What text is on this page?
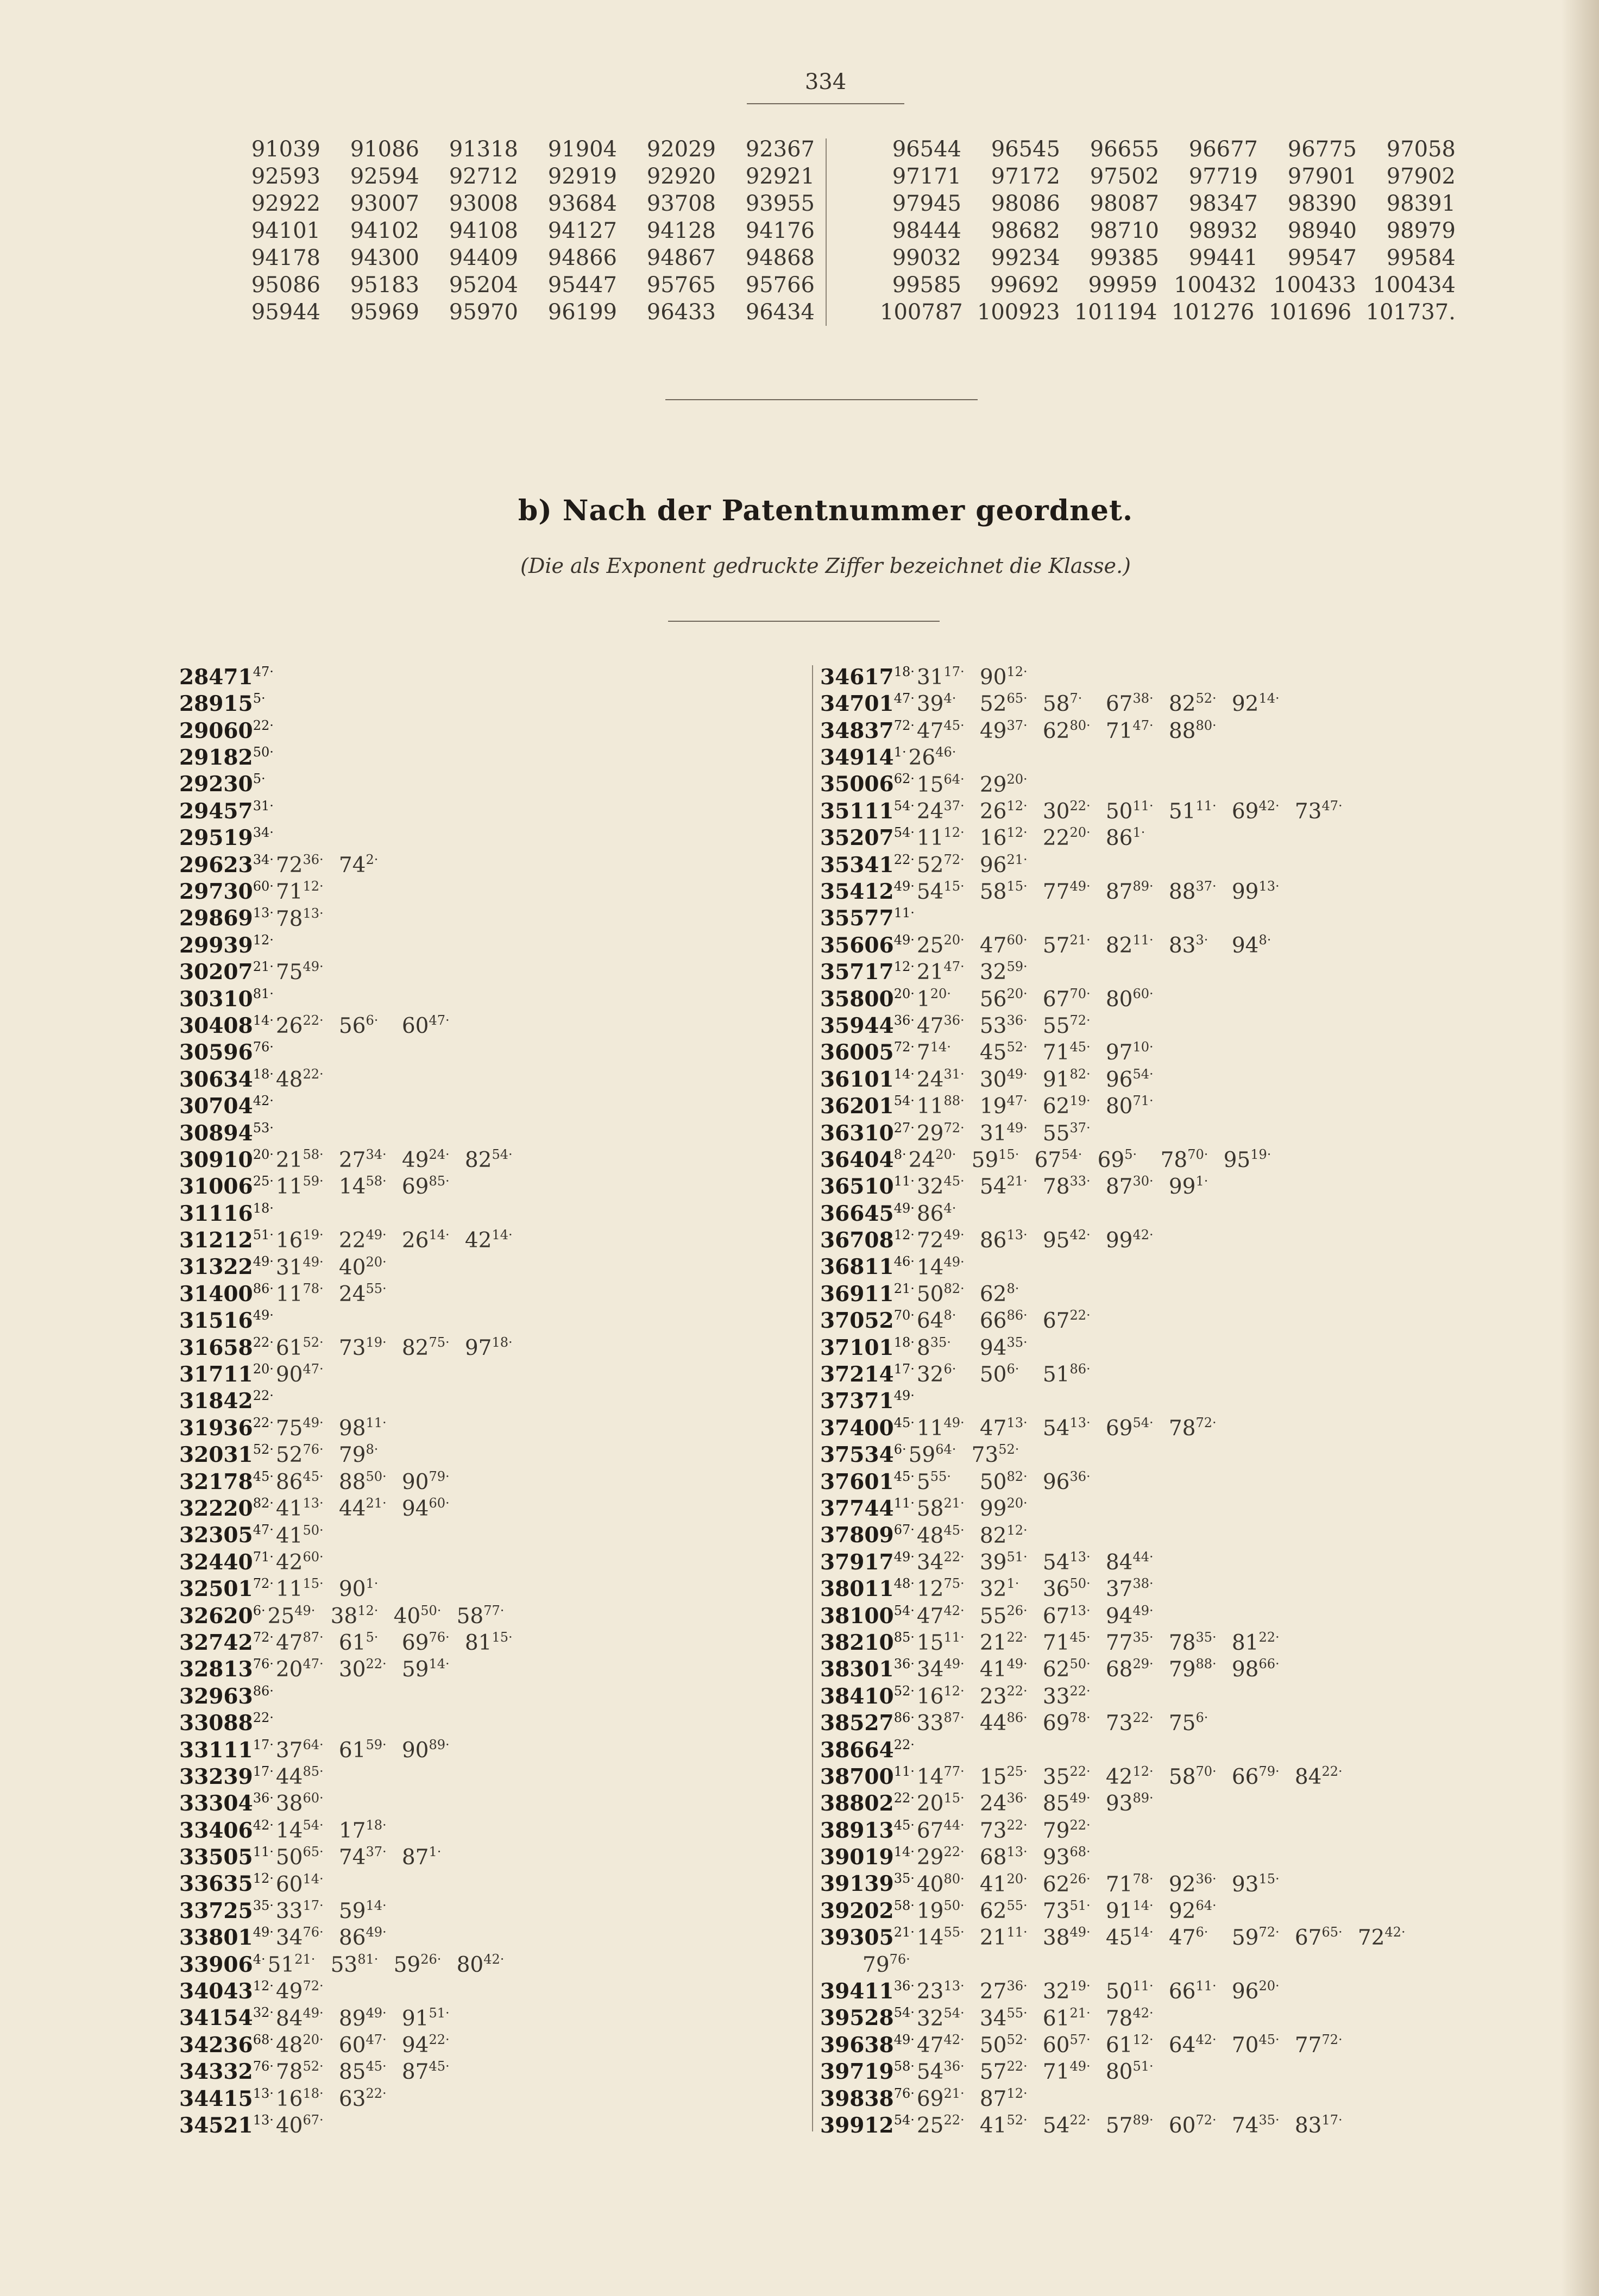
334
91039	91086	91318	91904	92029	92367
92593	92594	92712	92919	92920	92921
92922	93007	93008	93684	93708	93955
94101	94102	94108	94127	94128	94176
94178	94300	94409	94866	94867	94868
95086	95183	95204	95447	95765	95766
95944	95969	95970	96199	96433	96434
96544	96545	96655	96677	96775	97058
97171	97172	97502	97719	97901	97902
97945	98086	98087	98347	98390	98391
98444	98682	98710	98932	98940	98979
99032	99234	99385	99441	99547	99584
99585	99692	99959 100432 100433 100434
100787 100923 101194 101276 101696 101737.
b) Nach der Patentnummer geordnet.
(Die als Exponent gedruckte Ziffer bezeichnet die Klasse.)
$28471^{47\cdot}$
$28915^{5\cdot}$
$29060^{22\cdot}$
$29182^{50\cdot}$
$29230^{5\cdot}$
$29457^{31\cdot}$
$29519^{34\cdot}$
$29623^{34\cdot}$ $72^{36\cdot}$ $74^{2\cdot}$
$29730^{60\cdot}$ $71^{12\cdot}$
$29869^{13\cdot}$ $78^{13\cdot}$
$29939^{12\cdot}$
$30207^{21\cdot}$ $75^{49\cdot}$
$30310^{81\cdot}$
$30408^{14\cdot}$ $26^{22\cdot}$ $56^{6\cdot}$ $60^{47\cdot}$
$30596^{76\cdot}$
$30634^{18\cdot}$ $48^{22\cdot}$
$30704^{42\cdot}$
$30894^{53\cdot}$
$30910^{20\cdot}$ $21^{58\cdot}$ $27^{34\cdot}$ $49^{24\cdot}$ $82^{54\cdot}$
$31006^{25\cdot}$ $11^{59\cdot}$ $14^{58\cdot}$ $69^{85\cdot}$
$31116^{18\cdot}$
$31212^{51\cdot}$ $16^{19\cdot}$ $22^{49\cdot}$ $26^{14\cdot}$ $42^{14\cdot}$
$31322^{49\cdot}$ $31^{49\cdot}$ $40^{20\cdot}$
$31400^{86\cdot}$ $11^{78\cdot}$ $24^{55\cdot}$
$31516^{49\cdot}$
$31658^{22\cdot}$ $61^{52\cdot}$ $73^{19\cdot}$ $82^{75\cdot}$ $97^{18\cdot}$
$31711^{20\cdot}$ $90^{47\cdot}$
$31842^{22\cdot}$
$31936^{22\cdot}$ $75^{49\cdot}$ $98^{11\cdot}$
$32031^{52\cdot}$ $52^{76\cdot}$ $79^{8\cdot}$
$32178^{45\cdot}$ $86^{45\cdot}$ $88^{50\cdot}$ $90^{79\cdot}$
$32220^{82\cdot}$ $41^{13\cdot}$ $44^{21\cdot}$ $94^{60\cdot}$
$32305^{47\cdot}$ $41^{50\cdot}$
$32440^{71\cdot}$ $42^{60\cdot}$
$32501^{72\cdot}$ $11^{15\cdot}$ $90^{1\cdot}$
$32620^{6\cdot}$ $25^{49\cdot}$ $38^{12\cdot}$ $40^{50\cdot}$ $58^{77\cdot}$
$32742^{72\cdot}$ $47^{87\cdot}$ $61^{5\cdot}$ $69^{76\cdot}$ $81^{15\cdot}$
$32813^{76\cdot}$ $20^{47\cdot}$ $30^{22\cdot}$ $59^{14\cdot}$
$32963^{86\cdot}$
$33088^{22\cdot}$
$33111^{17\cdot}$ $37^{64\cdot}$ $61^{59\cdot}$ $90^{89\cdot}$
$33239^{17\cdot}$ $44^{85\cdot}$
$33304^{36\cdot}$ $38^{60\cdot}$
$33406^{42\cdot}$ $14^{54\cdot}$ $17^{18\cdot}$
$33505^{11\cdot}$ $50^{65\cdot}$ $74^{37\cdot}$ $87^{1\cdot}$
$33635^{12\cdot}$ $60^{14\cdot}$
$33725^{35\cdot}$ $33^{17\cdot}$ $59^{14\cdot}$
$33801^{49\cdot}$ $34^{76\cdot}$ $86^{49\cdot}$
$33906^{4\cdot}$ $51^{21\cdot}$ $53^{81\cdot}$ $59^{26\cdot}$ $80^{42\cdot}$
$34043^{12\cdot}$ $49^{72\cdot}$
$34154^{32\cdot}$ $84^{49\cdot}$ $89^{49\cdot}$ $91^{51\cdot}$
$34236^{68\cdot}$ $48^{20\cdot}$ $60^{47\cdot}$ $94^{22\cdot}$
$34332^{76\cdot}$ $78^{52\cdot}$ $85^{45\cdot}$ $87^{45\cdot}$
$34415^{13\cdot}$ $16^{18\cdot}$ $63^{22\cdot}$
$34521^{13\cdot}$ $40^{67\cdot}$
$34617^{18\cdot}$ $31^{17\cdot}$ $90^{12\cdot}$
$34701^{47\cdot}$ $39^{4\cdot}$ $52^{65\cdot}$ $58^{7\cdot}$ $67^{38\cdot}$ $82^{52\cdot}$ $92^{14\cdot}$
$34837^{72\cdot}$ $47^{45\cdot}$ $49^{37\cdot}$ $62^{80\cdot}$ $71^{47\cdot}$ $88^{80\cdot}$
$34914^{1\cdot}$ $26^{46\cdot}$
$35006^{62\cdot}$ $15^{64\cdot}$ $29^{20\cdot}$
$35111^{54\cdot}$ $24^{37\cdot}$ $26^{12\cdot}$ $30^{22\cdot}$ $50^{11\cdot}$ $51^{11\cdot}$ $69^{42\cdot}$ $73^{47\cdot}$
$35207^{54\cdot}$ $11^{12\cdot}$ $16^{12\cdot}$ $22^{20\cdot}$ $86^{1\cdot}$
$35341^{22\cdot}$ $52^{72\cdot}$ $96^{21\cdot}$
$35412^{49\cdot}$ $54^{15\cdot}$ $58^{15\cdot}$ $77^{49\cdot}$ $87^{89\cdot}$ $88^{37\cdot}$ $99^{13\cdot}$
$35577^{11\cdot}$
$35606^{49\cdot}$ $25^{20\cdot}$ $47^{60\cdot}$ $57^{21\cdot}$ $82^{11\cdot}$ $83^{3\cdot}$ $94^{8\cdot}$
$35717^{12\cdot}$ $21^{47\cdot}$ $32^{59\cdot}$
$35800^{20\cdot}$ $1^{20\cdot}$ $56^{20\cdot}$ $67^{70\cdot}$ $80^{60\cdot}$
$35944^{36\cdot}$ $47^{36\cdot}$ $53^{36\cdot}$ $55^{72\cdot}$
$36005^{72\cdot}$ $7^{14\cdot}$ $45^{52\cdot}$ $71^{45\cdot}$ $97^{10\cdot}$
$36101^{14\cdot}$ $24^{31\cdot}$ $30^{49\cdot}$ $91^{82\cdot}$ $96^{54\cdot}$
$36201^{54\cdot}$ $11^{88\cdot}$ $19^{47\cdot}$ $62^{19\cdot}$ $80^{71\cdot}$
$36310^{27\cdot}$ $29^{72\cdot}$ $31^{49\cdot}$ $55^{37\cdot}$
$36404^{8\cdot}$ $24^{20\cdot}$ $59^{15\cdot}$ $67^{54\cdot}$ $69^{5\cdot}$ $78^{70\cdot}$ $95^{19\cdot}$
$36510^{11\cdot}$ $32^{45\cdot}$ $54^{21\cdot}$ $78^{33\cdot}$ $87^{30\cdot}$ $99^{1\cdot}$
$36645^{49\cdot}$ $86^{4\cdot}$
$36708^{12\cdot}$ $72^{49\cdot}$ $86^{13\cdot}$ $95^{42\cdot}$ $99^{42\cdot}$
$36811^{46\cdot}$ $14^{49\cdot}$
$36911^{21\cdot}$ $50^{82\cdot}$ $62^{8\cdot}$
$37052^{70\cdot}$ $64^{8\cdot}$ $66^{86\cdot}$ $67^{22\cdot}$
$37101^{18\cdot}$ $8^{35\cdot}$ $94^{35\cdot}$
$37214^{17\cdot}$ $32^{6\cdot}$ $50^{6\cdot}$ $51^{86\cdot}$
$37371^{49\cdot}$
$37400^{45\cdot}$ $11^{49\cdot}$ $47^{13\cdot}$ $54^{13\cdot}$ $69^{54\cdot}$ $78^{72\cdot}$
$37534^{6\cdot}$ $59^{64\cdot}$ $73^{52\cdot}$
$37601^{45\cdot}$ $5^{55\cdot}$ $50^{82\cdot}$ $96^{36\cdot}$
$37744^{11\cdot}$ $58^{21\cdot}$ $99^{20\cdot}$
$37809^{67\cdot}$ $48^{45\cdot}$ $82^{12\cdot}$
$37917^{49\cdot}$ $34^{22\cdot}$ $39^{51\cdot}$ $54^{13\cdot}$ $84^{44\cdot}$
$38011^{48\cdot}$ $12^{75\cdot}$ $32^{1\cdot}$ $36^{50\cdot}$ $37^{38\cdot}$
$38100^{54\cdot}$ $47^{42\cdot}$ $55^{26\cdot}$ $67^{13\cdot}$ $94^{49\cdot}$
$38210^{85\cdot}$ $15^{11\cdot}$ $21^{22\cdot}$ $71^{45\cdot}$ $77^{35\cdot}$ $78^{35\cdot}$ $81^{22\cdot}$
$38301^{36\cdot}$ $34^{49\cdot}$ $41^{49\cdot}$ $62^{50\cdot}$ $68^{29\cdot}$ $79^{88\cdot}$ $98^{66\cdot}$
$38410^{52\cdot}$ $16^{12\cdot}$ $23^{22\cdot}$ $33^{22\cdot}$
$38527^{86\cdot}$ $33^{87\cdot}$ $44^{86\cdot}$ $69^{78\cdot}$ $73^{22\cdot}$ $75^{6\cdot}$
$38664^{22\cdot}$
$38700^{11\cdot}$ $14^{77\cdot}$ $15^{25\cdot}$ $35^{22\cdot}$ $42^{12\cdot}$ $58^{70\cdot}$ $66^{79\cdot}$ $84^{22\cdot}$
$38802^{22\cdot}$ $20^{15\cdot}$ $24^{36\cdot}$ $85^{49\cdot}$ $93^{89\cdot}$
$38913^{45\cdot}$ $67^{44\cdot}$ $73^{22\cdot}$ $79^{22\cdot}$
$39019^{14\cdot}$ $29^{22\cdot}$ $68^{13\cdot}$ $93^{68\cdot}$
$39139^{35\cdot}$ $40^{80\cdot}$ $41^{20\cdot}$ $62^{26\cdot}$ $71^{78\cdot}$ $92^{36\cdot}$ $93^{15\cdot}$
$39202^{58\cdot}$ $19^{50\cdot}$ $62^{55\cdot}$ $73^{51\cdot}$ $91^{14\cdot}$ $92^{64\cdot}$
$39305^{21\cdot}$ $14^{55\cdot}$ $21^{11\cdot}$ $38^{49\cdot}$ $45^{14\cdot}$ $47^{6\cdot}$ $59^{72\cdot}$ $67^{65\cdot}$ $72^{42\cdot}$
$79^{76\cdot}$
$39411^{36\cdot}$ $23^{13\cdot}$ $27^{36\cdot}$ $32^{19\cdot}$ $50^{11\cdot}$ $66^{11\cdot}$ $96^{20\cdot}$
$39528^{54\cdot}$ $32^{54\cdot}$ $34^{55\cdot}$ $61^{21\cdot}$ $78^{42\cdot}$
$39638^{49\cdot}$ $47^{42\cdot}$ $50^{52\cdot}$ $60^{57\cdot}$ $61^{12\cdot}$ $64^{42\cdot}$ $70^{45\cdot}$ $77^{72\cdot}$
$39719^{58\cdot}$ $54^{36\cdot}$ $57^{22\cdot}$ $71^{49\cdot}$ $80^{51\cdot}$
$39838^{76\cdot}$ $69^{21\cdot}$ $87^{12\cdot}$
$39912^{54\cdot}$ $25^{22\cdot}$ $41^{52\cdot}$ $54^{22\cdot}$ $57^{89\cdot}$ $60^{72\cdot}$ $74^{35\cdot}$ $83^{17\cdot}$
